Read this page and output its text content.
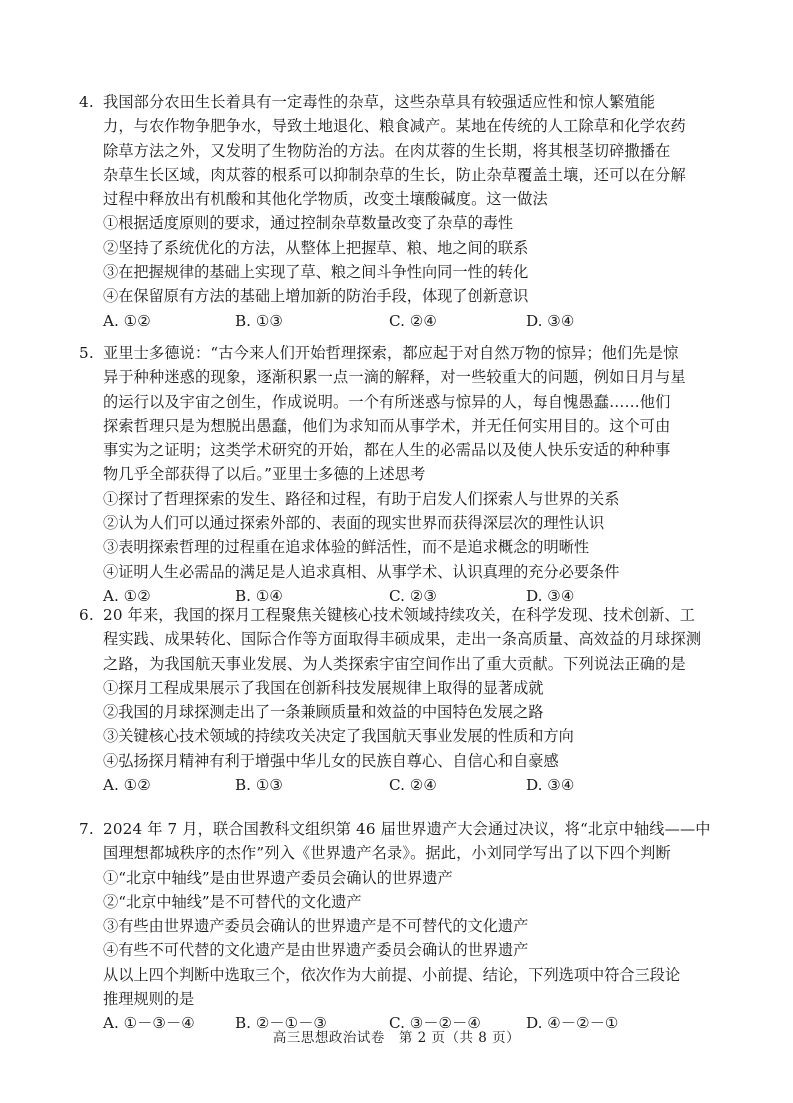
4. 我国部分农田生长着具有一定毒性的杂草，这些杂草具有较强适应性和惊人繁殖能
力，与农作物争肥争水，导致土地退化、粮食减产。某地在传统的人工除草和化学农药
除草方法之外，又发明了生物防治的方法。在肉苁蓉的生长期，将其根茎切碎撒播在
杂草生长区域，肉苁蓉的根系可以抑制杂草的生长，防止杂草覆盖土壤，还可以在分解
过程中释放出有机酸和其他化学物质，改变土壤酸碱度。这一做法
①根据适度原则的要求，通过控制杂草数量改变了杂草的毒性
②坚持了系统优化的方法，从整体上把握草、粮、地之间的联系
③在把握规律的基础上实现了草、粮之间斗争性向同一性的转化
④在保留原有方法的基础上增加新的防治手段，体现了创新意识
A. ①②	B. ①③	C. ②④	D. ③④
5. 亚里士多德说：“古今来人们开始哲理探索，都应起于对自然万物的惊异；他们先是惊
异于种种迷惑的现象，逐渐积累一点一滴的解释，对一些较重大的问题，例如日月与星
的运行以及宇宙之创生，作成说明。一个有所迷惑与惊异的人，每自愧愚蠢……他们
探索哲理只是为想脱出愚蠢，他们为求知而从事学术，并无任何实用目的。这个可由
事实为之证明；这类学术研究的开始，都在人生的必需品以及使人快乐安适的种种事
物几乎全部获得了以后。”亚里士多德的上述思考
①探讨了哲理探索的发生、路径和过程，有助于启发人们探索人与世界的关系
②认为人们可以通过探索外部的、表面的现实世界而获得深层次的理性认识
③表明探索哲理的过程重在追求体验的鲜活性，而不是追求概念的明晰性
④证明人生必需品的满足是人追求真相、从事学术、认识真理的充分必要条件
A. ①②	B. ①④	C. ②③	D. ③④
6. 20 年来，我国的探月工程聚焦关键核心技术领域持续攻关，在科学发现、技术创新、工
程实践、成果转化、国际合作等方面取得丰硕成果，走出一条高质量、高效益的月球探测
之路，为我国航天事业发展、为人类探索宇宙空间作出了重大贡献。下列说法正确的是
①探月工程成果展示了我国在创新科技发展规律上取得的显著成就
②我国的月球探测走出了一条兼顾质量和效益的中国特色发展之路
③关键核心技术领域的持续攻关决定了我国航天事业发展的性质和方向
④弘扬探月精神有利于增强中华儿女的民族自尊心、自信心和自豪感
A. ①②	B. ①③	C. ②④	D. ③④
7. 2024 年 7 月，联合国教科文组织第 46 届世界遗产大会通过决议，将“北京中轴线——中
国理想都城秩序的杰作”列入《世界遗产名录》。据此，小刘同学写出了以下四个判断
①“北京中轴线”是由世界遗产委员会确认的世界遗产
②“北京中轴线”是不可替代的文化遗产
③有些由世界遗产委员会确认的世界遗产是不可替代的文化遗产
④有些不可代替的文化遗产是由世界遗产委员会确认的世界遗产
从以上四个判断中选取三个，依次作为大前提、小前提、结论，下列选项中符合三段论
推理规则的是
A. ①－③－④	B. ②－①－③	C. ③－②－④	D. ④－②－①
高三思想政治试卷　第 2 页（共 8 页）
